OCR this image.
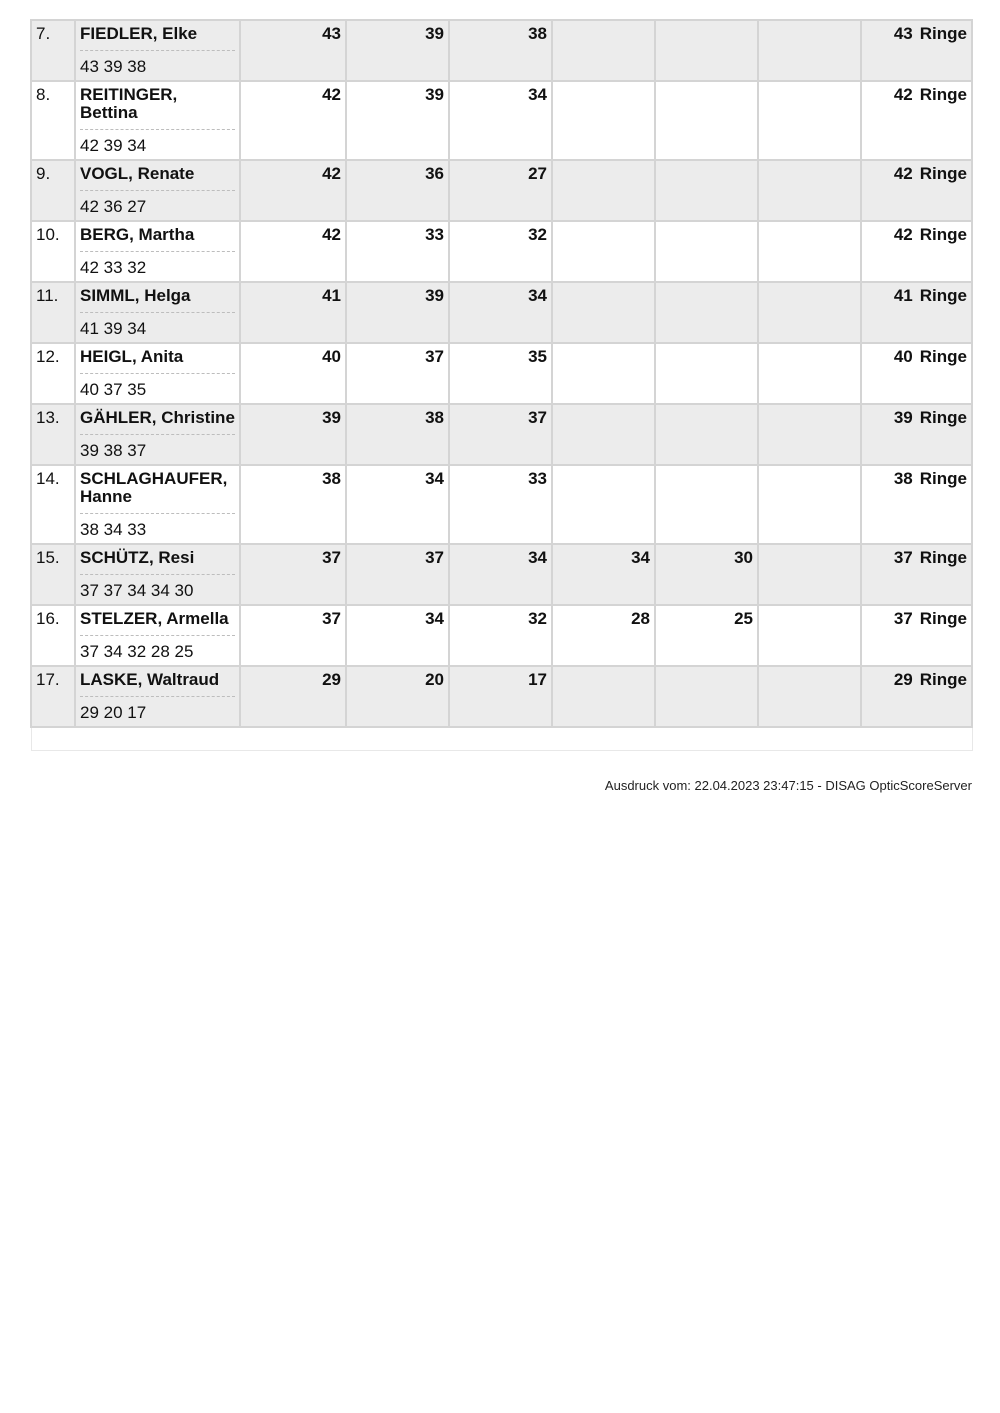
7.	FIEDLER, Elke
43 39 38	43	39	38				43 Ringe
8.	REITINGER, Bettina
42 39 34	42	39	34				42 Ringe
9.	VOGL, Renate
42 36 27	42	36	27				42 Ringe
10.	BERG, Martha
42 33 32	42	33	32				42 Ringe
11.	SIMML, Helga
41 39 34	41	39	34				41 Ringe
12.	HEIGL, Anita
40 37 35	40	37	35				40 Ringe
13.	GÄHLER, Christine
39 38 37	39	38	37				39 Ringe
14.	SCHLAGHAUFER, Hanne
38 34 33	38	34	33				38 Ringe
15.	SCHÜTZ, Resi
37 37 34 34 30	37	37	34	34	30		37 Ringe
16.	STELZER, Armella
37 34 32 28 25	37	34	32	28	25		37 Ringe
17.	LASKE, Waltraud
29 20 17	29	20	17				29 Ringe

Ausdruck vom: 22.04.2023 23:47:15 - DISAG OpticScoreServer
